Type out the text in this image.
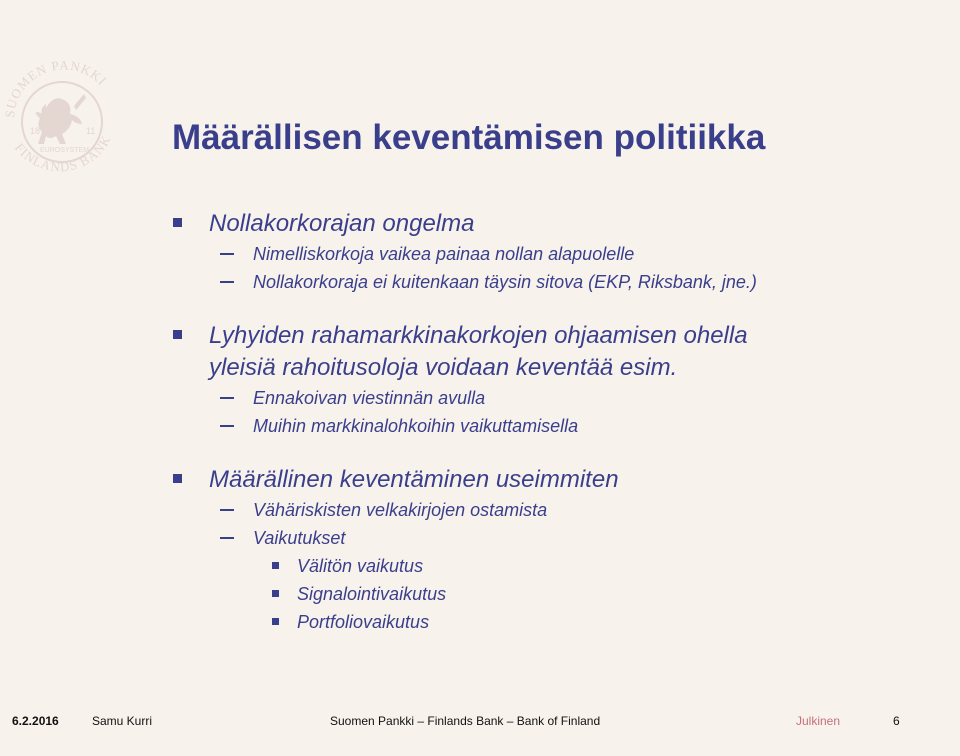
SUOMEN PANKKI
FINLANDS BANK
18	11
EUROSYSTEM Määrällisen keventämisen politiikka
Nollakorkorajan ongelma
Nimelliskorkoja vaikea painaa nollan alapuolelle
Nollakorkoraja ei kuitenkaan täysin sitova (EKP, Riksbank, jne.)
Lyhyiden rahamarkkinakorkojen ohjaamisen ohella
yleisiä rahoitusoloja voidaan keventää esim.
Ennakoivan viestinnän avulla
Muihin markkinalohkoihin vaikuttamisella
Määrällinen keventäminen useimmiten
Vähäriskisten velkakirjojen ostamista
Vaikutukset
Välitön vaikutus
Signalointivaikutus
Portfoliovaikutus
6.2.2016	Samu Kurri	Suomen Pankki – Finlands Bank – Bank of Finland	Julkinen	6
